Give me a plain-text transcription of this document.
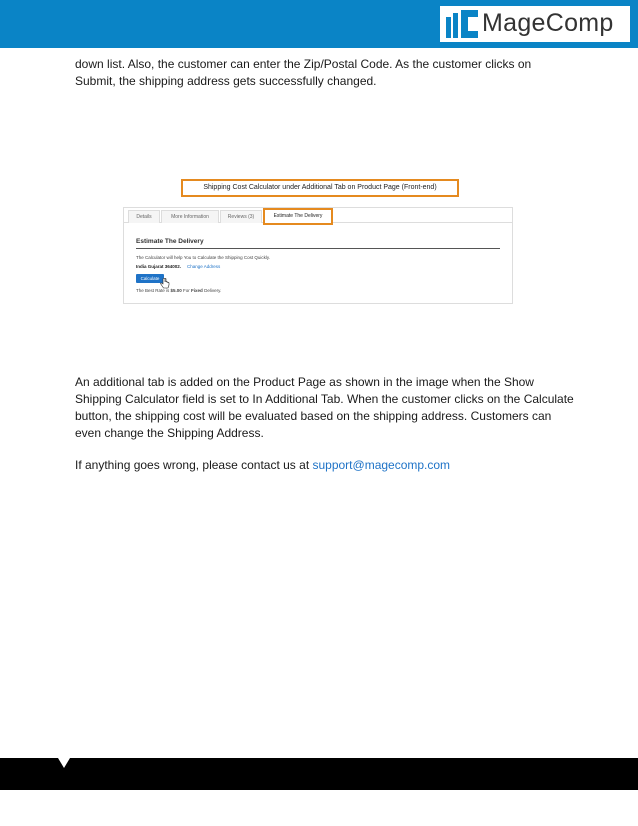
MageComp

down list. Also, the customer can enter the Zip/Postal Code. As the customer clicks on Submit, the shipping address gets successfully changed.

Shipping Cost Calculator under Additional Tab on Product Page (Front-end)
Details	More Information	Reviews (3)	Estimate The Delivery
Estimate The Delivery
The Calculator will help You to Calculate the Shipping Cost Quickly.
India Gujarat 364002. Change Address
Calculate
The Best Rate is $5.00 For Fixed Delivery.

An additional tab is added on the Product Page as shown in the image when the Show Shipping Calculator field is set to In Additional Tab. When the customer clicks on the Calculate button, the shipping cost will be evaluated based on the shipping address. Customers can even change the Shipping Address.

If anything goes wrong, please contact us at support@magecomp.com
